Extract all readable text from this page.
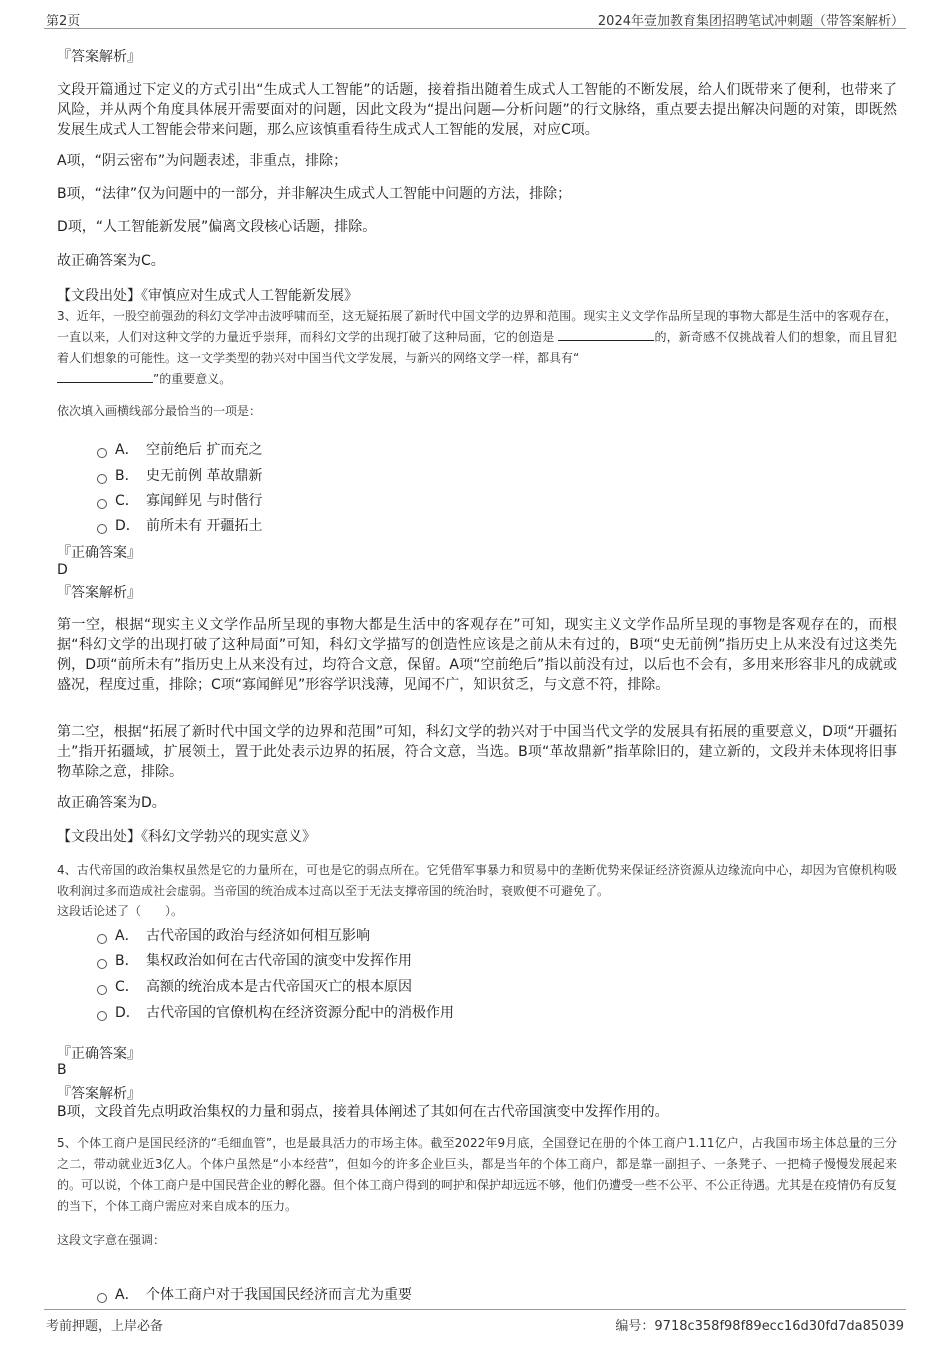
第2页	2024年壹加教育集团招聘笔试冲刺题（带答案解析）
『答案解析』
文段开篇通过下定义的方式引出“生成式人工智能”的话题，接着指出随着生成式人工智能的不断发展，给人们既带来了便利，也带来了风险，并从两个角度具体展开需要面对的问题，因此文段为“提出问题—分析问题”的行文脉络，重点要去提出解决问题的对策，即既然发展生成式人工智能会带来问题，那么应该慎重看待生成式人工智能的发展，对应C项。
A项，“阴云密布”为问题表述，非重点，排除；
B项，“法律”仅为问题中的一部分，并非解决生成式人工智能中问题的方法，排除；
D项，“人工智能新发展”偏离文段核心话题，排除。
故正确答案为C。
【文段出处】《审慎应对生成式人工智能新发展》
3、近年，一股空前强劲的科幻文学冲击波呼啸而至，这无疑拓展了新时代中国文学的边界和范围。现实主义文学作品所呈现的事物大都是生活中的客观存在，一直以来，人们对这种文学的力量近乎崇拜，而科幻文学的出现打破了这种局面，它的创造是	的，新奇感不仅挑战着人们的想象，而且冒犯着人们想象的可能性。这一文学类型的勃兴对中国当代文学发展，与新兴的网络文学一样，都具有“
”的重要意义。
依次填入画横线部分最恰当的一项是：
A． 空前绝后 扩而充之
B． 史无前例 革故鼎新
C． 寡闻鲜见 与时偕行
D． 前所未有 开疆拓土
『正确答案』
D
『答案解析』
第一空，根据“现实主义文学作品所呈现的事物大都是生活中的客观存在”可知，现实主义文学作品所呈现的事物是客观存在的，而根据“科幻文学的出现打破了这种局面”可知，科幻文学描写的创造性应该是之前从未有过的，B项“史无前例”指历史上从来没有过这类先例，D项“前所未有”指历史上从来没有过，均符合文意，保留。A项“空前绝后”指以前没有过，以后也不会有，多用来形容非凡的成就或盛况，程度过重，排除；C项“寡闻鲜见”形容学识浅薄，见闻不广，知识贫乏，与文意不符，排除。
第二空，根据“拓展了新时代中国文学的边界和范围”可知，科幻文学的勃兴对于中国当代文学的发展具有拓展的重要意义，D项“开疆拓土”指开拓疆域，扩展领土，置于此处表示边界的拓展，符合文意，当选。B项“革故鼎新”指革除旧的，建立新的，文段并未体现将旧事物革除之意，排除。
故正确答案为D。
【文段出处】《科幻文学勃兴的现实意义》
4、古代帝国的政治集权虽然是它的力量所在，可也是它的弱点所在。它凭借军事暴力和贸易中的垄断优势来保证经济资源从边缘流向中心，却因为官僚机构吸收利润过多而造成社会虚弱。当帝国的统治成本过高以至于无法支撑帝国的统治时，衰败便不可避免了。
这段话论述了（　　）。
A． 古代帝国的政治与经济如何相互影响
B． 集权政治如何在古代帝国的演变中发挥作用
C． 高额的统治成本是古代帝国灭亡的根本原因
D． 古代帝国的官僚机构在经济资源分配中的消极作用
『正确答案』
B
『答案解析』
B项，文段首先点明政治集权的力量和弱点，接着具体阐述了其如何在古代帝国演变中发挥作用的。
5、个体工商户是国民经济的“毛细血管”，也是最具活力的市场主体。截至2022年9月底，全国登记在册的个体工商户1.11亿户，占我国市场主体总量的三分之二，带动就业近3亿人。个体户虽然是“小本经营”，但如今的许多企业巨头，都是当年的个体工商户，都是靠一副担子、一条凳子、一把椅子慢慢发展起来的。可以说，个体工商户是中国民营企业的孵化器。但个体工商户得到的呵护和保护却远远不够，他们仍遭受一些不公平、不公正待遇。尤其是在疫情仍有反复的当下，个体工商户需应对来自成本的压力。
这段文字意在强调：
A． 个体工商户对于我国国民经济而言尤为重要
考前押题，上岸必备	编号：9718c358f98f89ecc16d30fd7da85039
